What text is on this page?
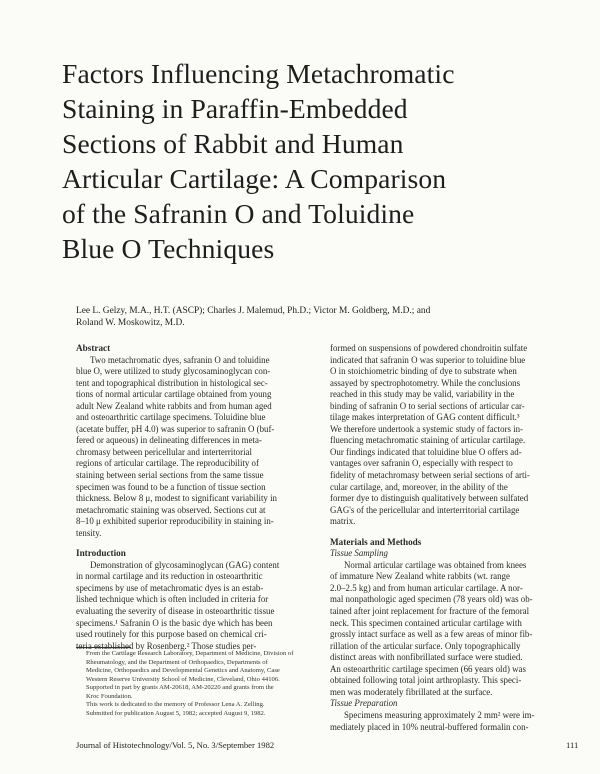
Factors Influencing Metachromatic
Staining in Paraffin-Embedded
Sections of Rabbit and Human
Articular Cartilage: A Comparison
of the Safranin O and Toluidine
Blue O Techniques
Lee L. Gelzy, M.A., H.T. (ASCP); Charles J. Malemud, Ph.D.; Victor M. Goldberg, M.D.; and
Roland W. Moskowitz, M.D.
Abstract
Two metachromatic dyes, safranin O and toluidine
blue O, were utilized to study glycosaminoglycan con-
tent and topographical distribution in histological sec-
tions of normal articular cartilage obtained from young
adult New Zealand white rabbits and from human aged
and osteoarthritic cartilage specimens. Toluidine blue
(acetate buffer, pH 4.0) was superior to safranin O (buf-
fered or aqueous) in delineating differences in meta-
chromasy between pericellular and interterritorial
regions of articular cartilage. The reproducibility of
staining between serial sections from the same tissue
specimen was found to be a function of tissue section
thickness. Below 8 μ, modest to significant variability in
metachromatic staining was observed. Sections cut at
8–10 μ exhibited superior reproducibility in staining in-
tensity.
Introduction
Demonstration of glycosaminoglycan (GAG) content
in normal cartilage and its reduction in osteoarthritic
specimens by use of metachromatic dyes is an estab-
lished technique which is often included in criteria for
evaluating the severity of disease in osteoarthritic tissue
specimens.¹ Safranin O is the basic dye which has been
used routinely for this purpose based on chemical cri-
teria established by Rosenberg.² Those studies per-
From the Cartilage Research Laboratory, Department of Medicine, Division of
Rheumatology, and the Department of Orthopaedics, Departments of
Medicine, Orthopaedics and Developmental Genetics and Anatomy, Case
Western Reserve University School of Medicine, Cleveland, Ohio 44106.
Supported in part by grants AM-20618, AM-20220 and grants from the
Kroc Foundation.
This work is dedicated to the memory of Professor Lena A. Zelling.
Submitted for publication August 5, 1982; accepted August 9, 1982.
formed on suspensions of powdered chondroitin sulfate
indicated that safranin O was superior to toluidine blue
O in stoichiometric binding of dye to substrate when
assayed by spectrophotometry. While the conclusions
reached in this study may be valid, variability in the
binding of safranin O to serial sections of articular car-
tilage makes interpretation of GAG content difficult.³
We therefore undertook a systemic study of factors in-
fluencing metachromatic staining of articular cartilage.
Our findings indicated that toluidine blue O offers ad-
vantages over safranin O, especially with respect to
fidelity of metachromasy between serial sections of arti-
cular cartilage, and, moreover, in the ability of the
former dye to distinguish qualitatively between sulfated
GAG's of the pericellular and interterritorial cartilage
matrix.
Materials and Methods
Tissue Sampling
Normal articular cartilage was obtained from knees
of immature New Zealand white rabbits (wt. range
2.0–2.5 kg) and from human articular cartilage. A nor-
mal nonpathologic aged specimen (78 years old) was ob-
tained after joint replacement for fracture of the femoral
neck. This specimen contained articular cartilage with
grossly intact surface as well as a few areas of minor fib-
rillation of the articular surface. Only topographically
distinct areas with nonfibrillated surface were studied.
An osteoarthritic cartilage specimen (66 years old) was
obtained following total joint arthroplasty. This speci-
men was moderately fibrillated at the surface.
Tissue Preparation
Specimens measuring approximately 2 mm² were im-
mediately placed in 10% neutral-buffered formalin con-
Journal of Histotechnology/Vol. 5, No. 3/September 1982	111
